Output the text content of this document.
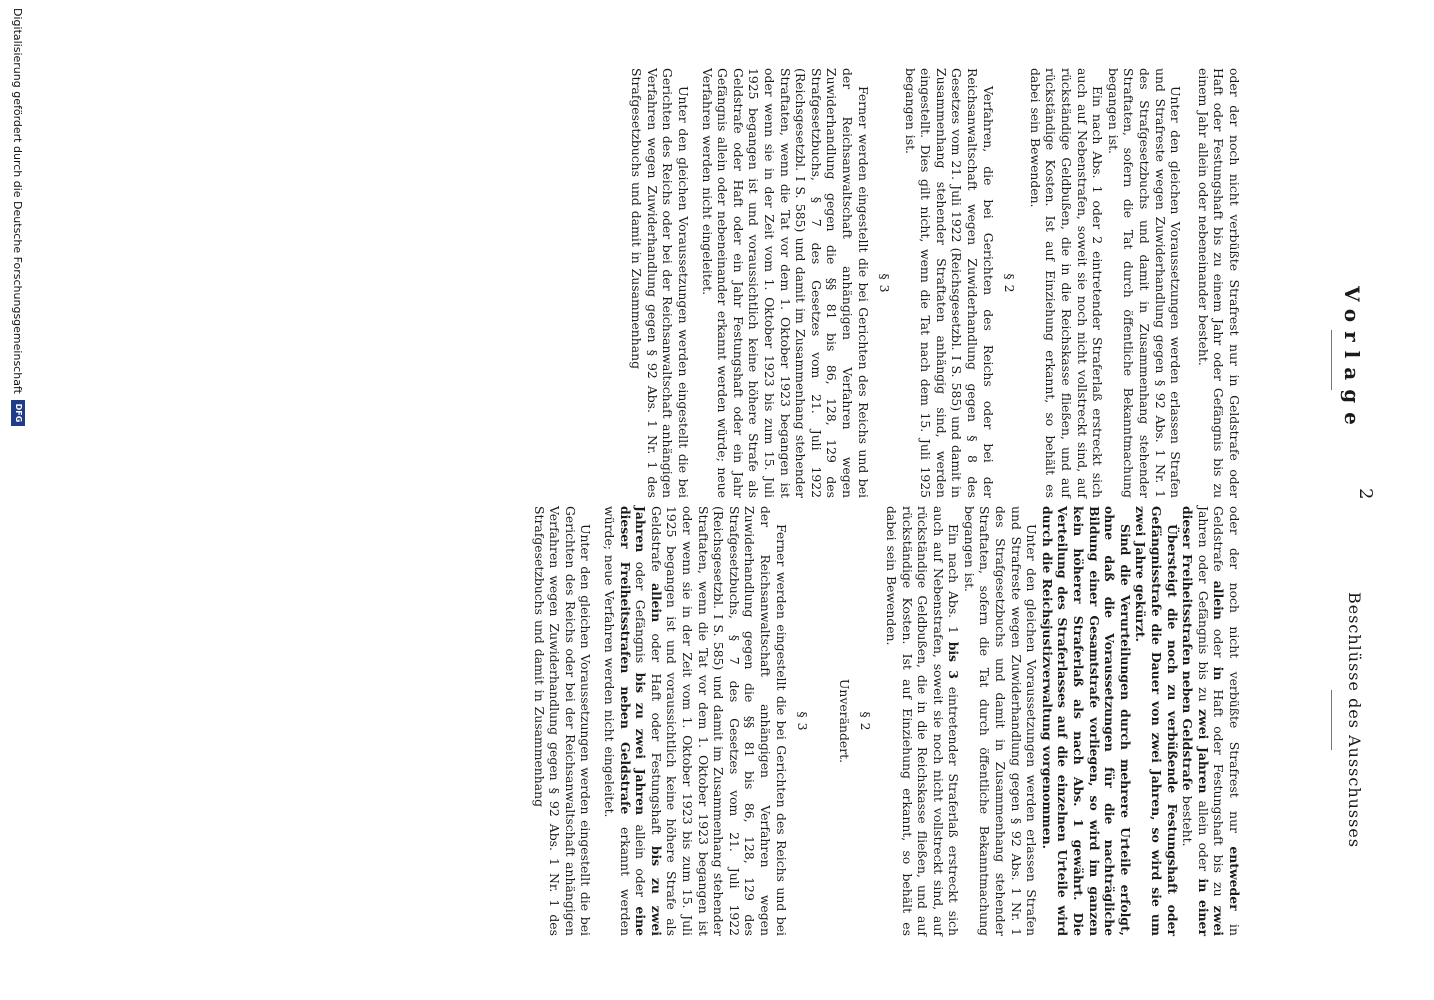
Vorlage
Beschlüsse des Ausschusses
2

oder der noch nicht verbüßte Strafrest nur in Geldstrafe oder Haft oder Festungshaft bis zu einem Jahr oder Gefängnis bis zu einem Jahr allein oder nebeneinander besteht.

Unter den gleichen Voraussetzungen werden erlassen Strafen und Strafreste wegen Zuwiderhandlung gegen § 92 Abs. 1 Nr. 1 des Strafgesetzbuchs und damit in Zusammenhang stehender Straftaten, sofern die Tat durch öffentliche Bekanntmachung begangen ist.

Ein nach Abs. 1 oder 2 eintretender Straferlaß erstreckt sich auch auf Nebenstrafen, soweit sie noch nicht vollstreckt sind, auf rückständige Geldbußen, die in die Reichskasse fließen, und auf rückständige Kosten. Ist auf Einziehung erkannt, so behält es dabei sein Bewenden.

§ 2

Verfahren, die bei Gerichten des Reichs oder bei der Reichsanwaltschaft wegen Zuwiderhandlung gegen § 8 des Gesetzes vom 21. Juli 1922 (Reichsgesetzbl. I S. 585) und damit in Zusammenhang stehender Straftaten anhängig sind, werden eingestellt. Dies gilt nicht, wenn die Tat nach dem 15. Juli 1925 begangen ist.

§ 3

Ferner werden eingestellt die bei Gerichten des Reichs und bei der Reichsanwaltschaft anhängigen Verfahren wegen Zuwiderhandlung gegen die §§ 81 bis 86, 128, 129 des Strafgesetzbuchs, § 7 des Gesetzes vom 21. Juli 1922 (Reichsgesetzbl. I S. 585) und damit im Zusammenhang stehender Straftaten, wenn die Tat vor dem 1. Oktober 1923 begangen ist oder wenn sie in der Zeit vom 1. Oktober 1923 bis zum 15. Juli 1925 begangen ist und voraussichtlich keine höhere Strafe als Geldstrafe oder Haft oder ein Jahr Festungshaft oder ein Jahr Gefängnis allein oder nebeneinander erkannt werden würde; neue Verfahren werden nicht eingeleitet.

Unter den gleichen Voraussetzungen werden eingestellt die bei Gerichten des Reichs oder bei der Reichsanwaltschaft anhängigen Verfahren wegen Zuwiderhandlung gegen § 92 Abs. 1 Nr. 1 des Strafgesetzbuchs und damit in Zusammenhang

oder der noch nicht verbüßte Strafrest nur entweder in Geldstrafe allein oder in Haft oder Festungshaft bis zu zwei Jahren oder Gefängnis bis zu zwei Jahren allein oder in einer dieser Freiheitsstrafen neben Geldstrafe besteht.

Übersteigt die noch zu verbüßende Festungshaft oder Gefängnisstrafe die Dauer von zwei Jahren, so wird sie um zwei Jahre gekürzt.

Sind die Verurteilungen durch mehrere Urteile erfolgt, ohne daß die Voraussetzungen für die nachträgliche Bildung einer Gesamtstrafe vorliegen, so wird im ganzen kein höherer Straferlaß als nach Abs. 1 gewährt. Die Verteilung des Straferlasses auf die einzelnen Urteile wird durch die Reichsjustizverwaltung vorgenommen.

Unter den gleichen Voraussetzungen werden erlassen Strafen und Strafreste wegen Zuwiderhandlung gegen § 92 Abs. 1 Nr. 1 des Strafgesetzbuchs und damit in Zusammenhang stehender Straftaten, sofern die Tat durch öffentliche Bekanntmachung begangen ist.

Ein nach Abs. 1 bis 3 eintretender Straferlaß erstreckt sich auch auf Nebenstrafen, soweit sie noch nicht vollstreckt sind, auf rückständige Geldbußen, die in die Reichskasse fließen, und auf rückständige Kosten. Ist auf Einziehung erkannt, so behält es dabei sein Bewenden.

§ 2

Unverändert.

§ 3

Ferner werden eingestellt die bei Gerichten des Reichs und bei der Reichsanwaltschaft anhängigen Verfahren wegen Zuwiderhandlung gegen die §§ 81 bis 86, 128, 129 des Strafgesetzbuchs, § 7 des Gesetzes vom 21. Juli 1922 (Reichsgesetzbl. I S. 585) und damit im Zusammenhang stehender Straftaten, wenn die Tat vor dem 1. Oktober 1923 begangen ist oder wenn sie in der Zeit vom 1. Oktober 1923 bis zum 15. Juli 1925 begangen ist und voraussichtlich keine höhere Strafe als Geldstrafe allein oder Haft oder Festungshaft bis zu zwei Jahren oder Gefängnis bis zu zwei Jahren allein oder eine dieser Freiheitsstrafen neben Geldstrafe erkannt werden würde; neue Verfahren werden nicht eingeleitet.

Unter den gleichen Voraussetzungen werden eingestellt die bei Gerichten des Reichs oder bei der Reichsanwaltschaft anhängigen Verfahren wegen Zuwiderhandlung gegen § 92 Abs. 1 Nr. 1 des Strafgesetzbuchs und damit in Zusammenhang

Digitalisierung gefördert durch die Deutsche Forschungsgemeinschaft
DFG
